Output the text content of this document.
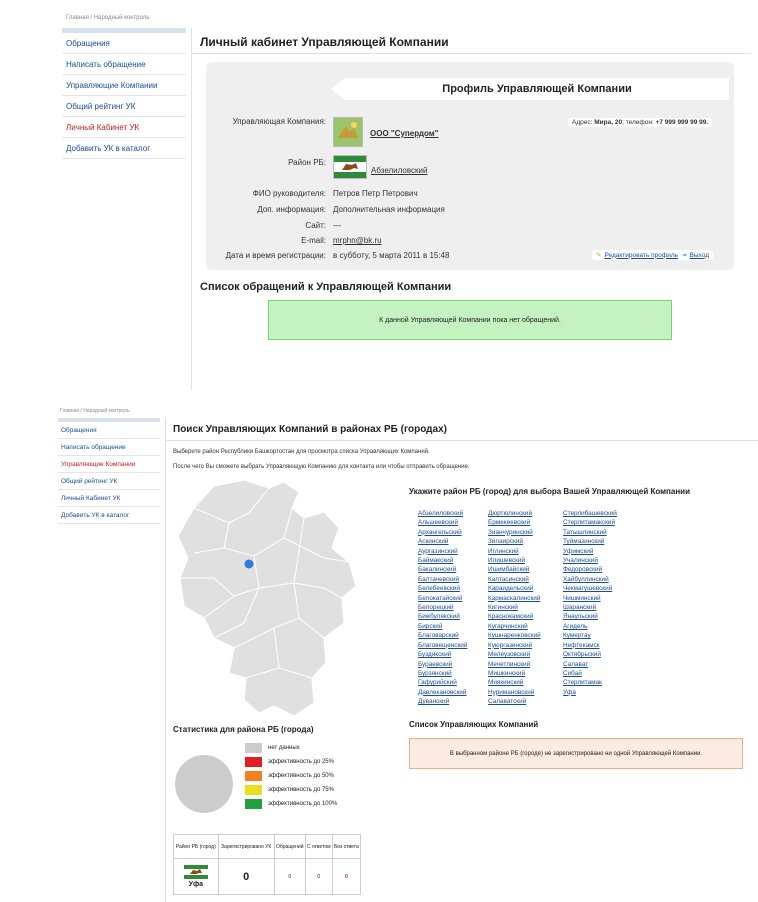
Главная / Народный контроль
Обращения
Написать обращение
Управляющие Компании
Общий рейтинг УК
Личный Кабинет УК
Добавить УК в каталог
Личный кабинет Управляющей Компании
Профиль Управляющей Компании
Управляющая Компания:
ООО "Супердом"
Адрес: Мира, 20; телефон: +7 999 999 99 99.
Район РБ:
Абзелиловский
ФИО руководителя: Петров Петр Петрович
Доп. информация: Дополнительная информация
Сайт: —
E-mail: mrphn@bk.ru
Дата и время регистрации: в субботу, 5 марта 2011 в 15:48	✎ Редактировать профиль ⇥ Выход
Список обращений к Управляющей Компании
К данной Управляющей Компании пока нет обращений.
Главная / Народный контроль
Обращения
Написать обращение
Управляющие Компании
Общий рейтинг УК
Личный Кабинет УК
Добавить УК в каталог
Поиск Управляющих Компаний в районах РБ (городах)
Выберите район Республики Башкортостан для просмотра списка Управляющих Компаний.
После чего Вы сможете выбрать Управляющую Компанию для контакта или чтобы отправить обращение.
Укажите район РБ (город) для выбора Вашей Управляющей Компании
Абзелиловский
Альшеевский
Архангельский
Аскинский
Аургазинский
Баймакский
Бакалинский
Балтачевский
Белебеевский
Белокатайский
Белорецкий
Бижбулякский
Бирский
Благоварский
Благовещенский
Буздякский
Бураевский
Бурзянский
Гафурийский
Давлекановский
Дуванский
Дюртюлинский
Ермекеевский
Зианчуринский
Зилаирский
Иглинский
Илишевский
Ишимбайский
Калтасинский
Караидельский
Кармаскалинский
Кигинский
Краснокамский
Кугарчинский
Кушнаренковский
Куюргазинский
Мелеузовский
Мечетлинский
Мишкинский
Миякинский
Нуримановский
Салаватский
Стерлибашевский
Стерлитамакский
Татышлинский
Туймазинский
Уфимский
Учалинский
Федоровский
Хайбуллинский
Чекмагушевский
Чишминский
Шаранский
Янаульский
Агидель
Кумертау
Нефтекамск
Октябрьский
Салават
Сибай
Стерлитамак
Уфа
Список Управляющих Компаний
В выбранном районе РБ (городе) не зарегистрировано ни одной Управляющей Компании.
Статистика для района РБ (города)
нет данных
эффективность до 25%
эффективность до 50%
эффективность до 75%
эффективность до 100%
Район РБ (город)	Зарегистрировано УК	Обращений	С ответом	Без ответа

Уфа	0	0	0	0
